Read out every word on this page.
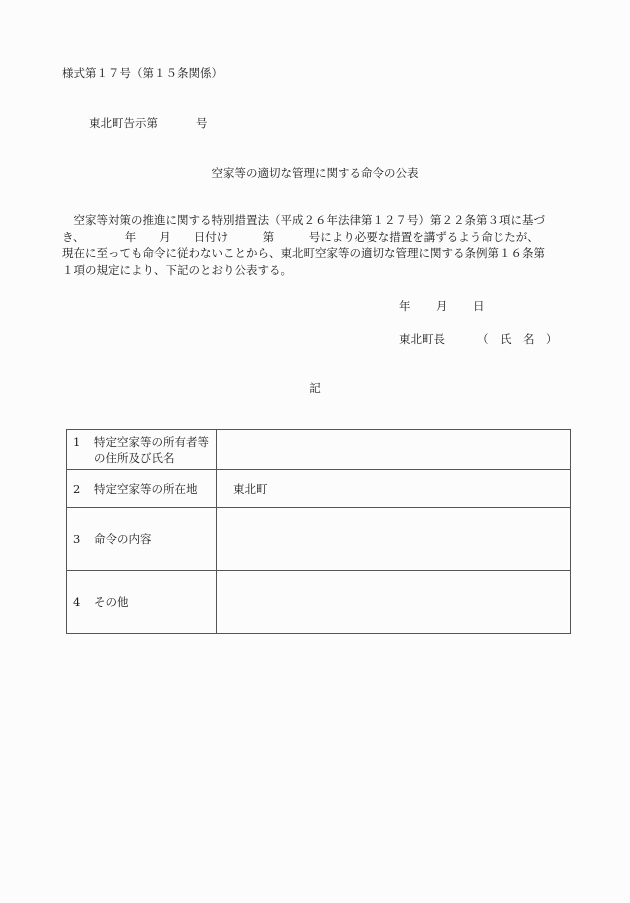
様式第１７号（第１５条関係）
東北町告示第	号
空家等の適切な管理に関する命令の公表
　空家等対策の推進に関する特別措置法（平成２６年法律第１２７号）第２２条第３項に基づ
き、　　　　年　　月　　日付け　　　第　　　号により必要な措置を講ずるよう命じたが、
現在に至っても命令に従わないことから、東北町空家等の適切な管理に関する条例第１６条第
１項の規定により、下記のとおり公表する。
年 月 日
東北町長	（　氏　名　）
記
1 特定空家等の所有者等の住所及び氏名	

2 特定空家等の所在地	東北町

3 命令の内容	

4 その他	
